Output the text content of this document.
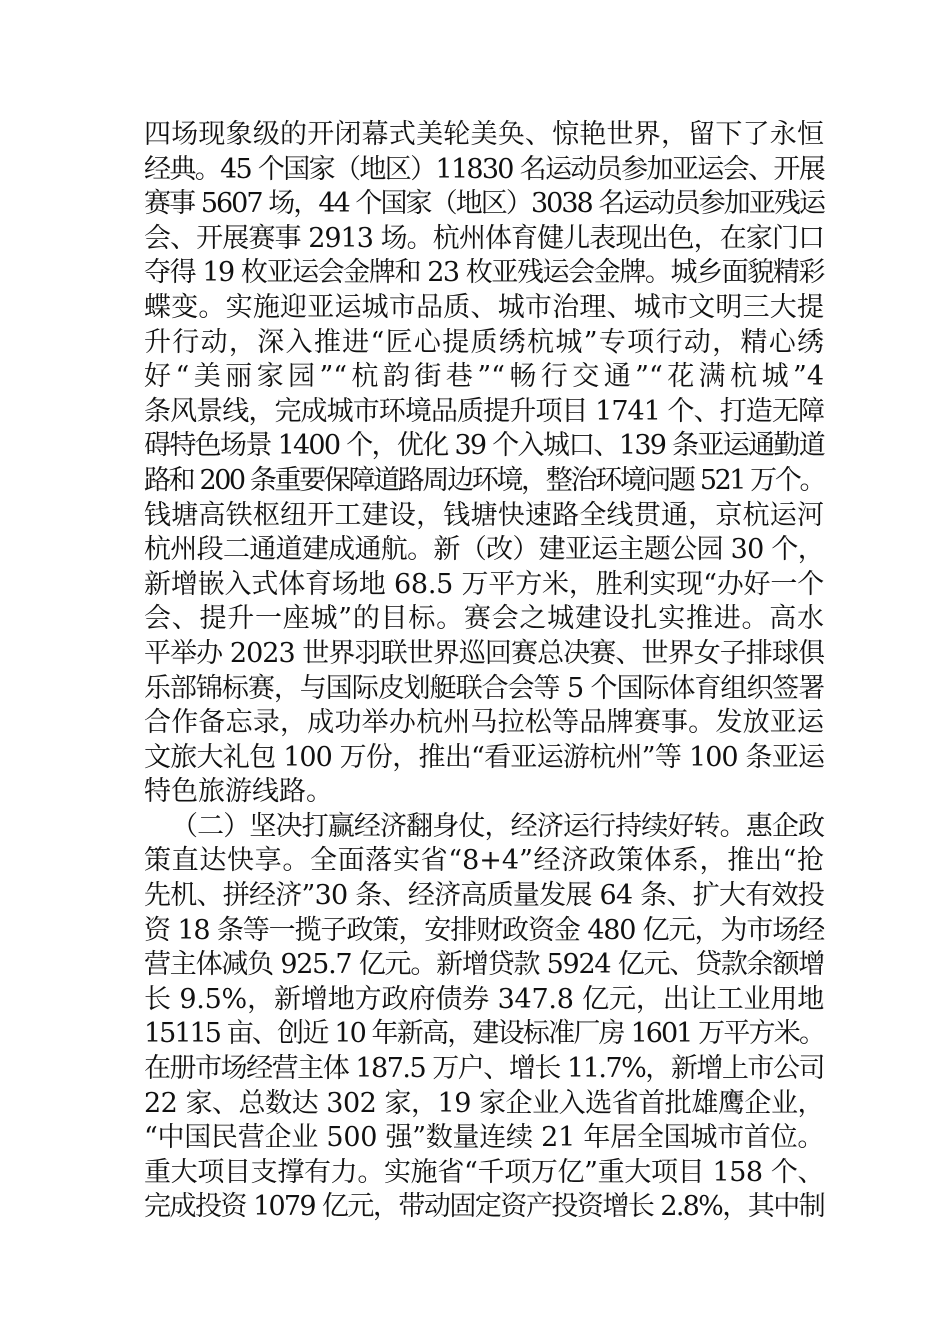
四场现象级的开闭幕式美轮美奂、惊艳世界，留下了永恒
经典。45 个国家（地区）11830 名运动员参加亚运会、开展
赛事 5607 场，44 个国家（地区）3038 名运动员参加亚残运
会、开展赛事 2913 场。杭州体育健儿表现出色，在家门口
夺得 19 枚亚运会金牌和 23 枚亚残运会金牌。城乡面貌精彩
蝶变。实施迎亚运城市品质、城市治理、城市文明三大提
升行动，深入推进“匠心提质绣杭城”专项行动，精心绣
好“美丽家园”“杭韵街巷”“畅行交通”“花满杭城”4
条风景线，完成城市环境品质提升项目 1741 个、打造无障
碍特色场景 1400 个，优化 39 个入城口、139 条亚运通勤道
路和 200 条重要保障道路周边环境，整治环境问题 521 万个。
钱塘高铁枢纽开工建设，钱塘快速路全线贯通，京杭运河
杭州段二通道建成通航。新（改）建亚运主题公园 30 个，
新增嵌入式体育场地 68.5 万平方米，胜利实现“办好一个
会、提升一座城”的目标。赛会之城建设扎实推进。高水
平举办 2023 世界羽联世界巡回赛总决赛、世界女子排球俱
乐部锦标赛，与国际皮划艇联合会等 5 个国际体育组织签署
合作备忘录，成功举办杭州马拉松等品牌赛事。发放亚运
文旅大礼包 100 万份，推出“看亚运游杭州”等 100 条亚运
特色旅游线路。
（二）坚决打赢经济翻身仗，经济运行持续好转。惠企政
策直达快享。全面落实省“8+4”经济政策体系，推出“抢
先机、拼经济”30 条、经济高质量发展 64 条、扩大有效投
资 18 条等一揽子政策，安排财政资金 480 亿元，为市场经
营主体减负 925.7 亿元。新增贷款 5924 亿元、贷款余额增
长 9.5%，新增地方政府债券 347.8 亿元，出让工业用地
15115 亩、创近 10 年新高，建设标准厂房 1601 万平方米。
在册市场经营主体 187.5 万户、增长 11.7%，新增上市公司
22 家、总数达 302 家，19 家企业入选省首批雄鹰企业，
“中国民营企业 500 强”数量连续 21 年居全国城市首位。
重大项目支撑有力。实施省“千项万亿”重大项目 158 个、
完成投资 1079 亿元，带动固定资产投资增长 2.8%，其中制
